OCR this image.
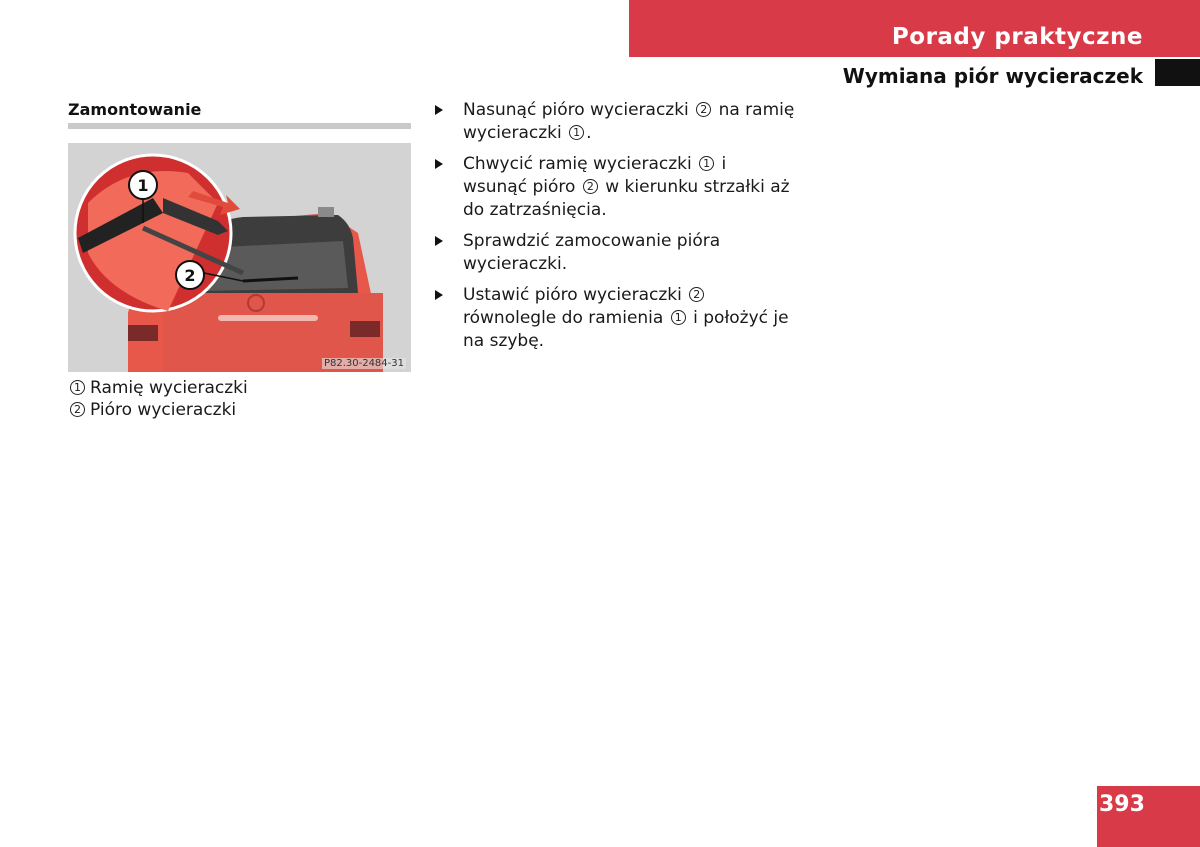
Porady praktyczne
Wymiana piór wycieraczek
Zamontowanie
1
2
P82.30-2484-31
1 Ramię wycieraczki
2 Pióro wycieraczki
Nasunąć pióro wycieraczki 2 na ramię wycieraczki 1 .
Chwycić ramię wycieraczki 1 i wsunąć pióro 2 w kierunku strzałki aż do zatrzaśnięcia.
Sprawdzić zamocowanie pióra wycieraczki.
Ustawić pióro wycieraczki 2 równolegle do ramienia 1 i położyć je na szybę.
393
